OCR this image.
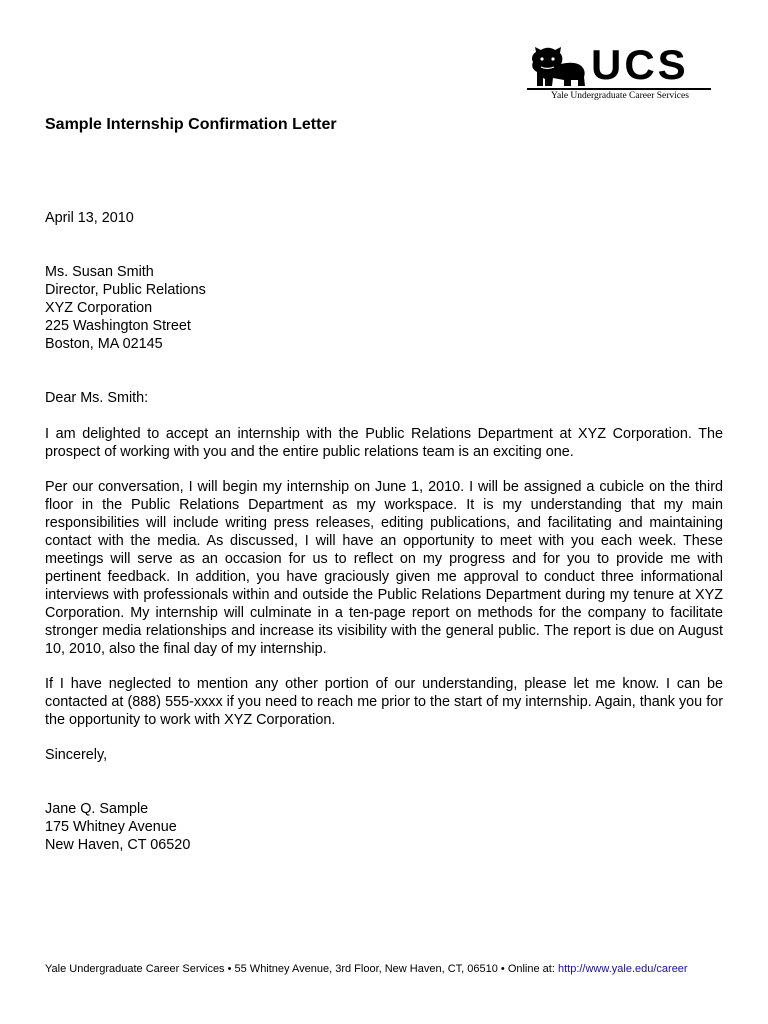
UCS
Yale Undergraduate Career Services
Sample Internship Confirmation Letter
April 13, 2010
Ms. Susan Smith
Director, Public Relations
XYZ Corporation
225 Washington Street
Boston, MA 02145
Dear Ms. Smith:
I am delighted to accept an internship with the Public Relations Department at XYZ Corporation. The prospect of working with you and the entire public relations team is an exciting one.
Per our conversation, I will begin my internship on June 1, 2010. I will be assigned a cubicle on the third floor in the Public Relations Department as my workspace. It is my understanding that my main responsibilities will include writing press releases, editing publications, and facilitating and maintaining contact with the media. As discussed, I will have an opportunity to meet with you each week. These meetings will serve as an occasion for us to reflect on my progress and for you to provide me with pertinent feedback. In addition, you have graciously given me approval to conduct three informational interviews with professionals within and outside the Public Relations Department during my tenure at XYZ Corporation. My internship will culminate in a ten-page report on methods for the company to facilitate stronger media relationships and increase its visibility with the general public. The report is due on August 10, 2010, also the final day of my internship.
If I have neglected to mention any other portion of our understanding, please let me know. I can be contacted at (888) 555-xxxx if you need to reach me prior to the start of my internship. Again, thank you for the opportunity to work with XYZ Corporation.
Sincerely,
Jane Q. Sample
175 Whitney Avenue
New Haven, CT 06520
Yale Undergraduate Career Services • 55 Whitney Avenue, 3rd Floor, New Haven, CT, 06510 • Online at: http://www.yale.edu/career
